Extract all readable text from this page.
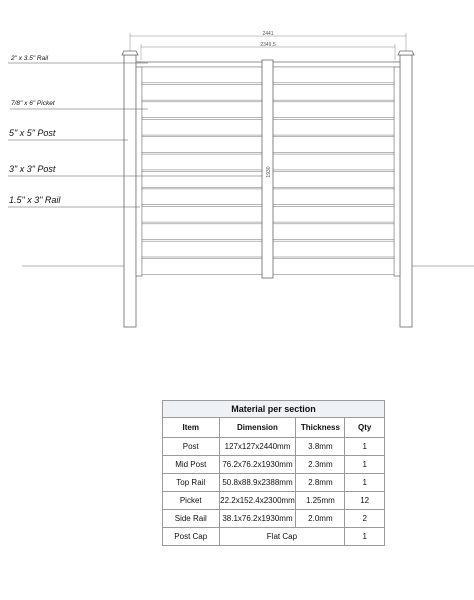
2441
2349.5
1930
2" x 3.5" Rail
7/8" x 6" Picket
5" x 5" Post
3" x 3" Post
1.5" x 3" Rail
Material per section			
Item	Dimension	Thickness	Qty
Post	127x127x2440mm	3.8mm	1
Mid Post	76.2x76.2x1930mm	2.3mm	1
Top Rail	50.8x88.9x2388mm	2.8mm	1
Picket	22.2x152.4x2300mm	1.25mm	12
Side Rail	38.1x76.2x1930mm	2.0mm	2
Post Cap	Flat Cap		1
